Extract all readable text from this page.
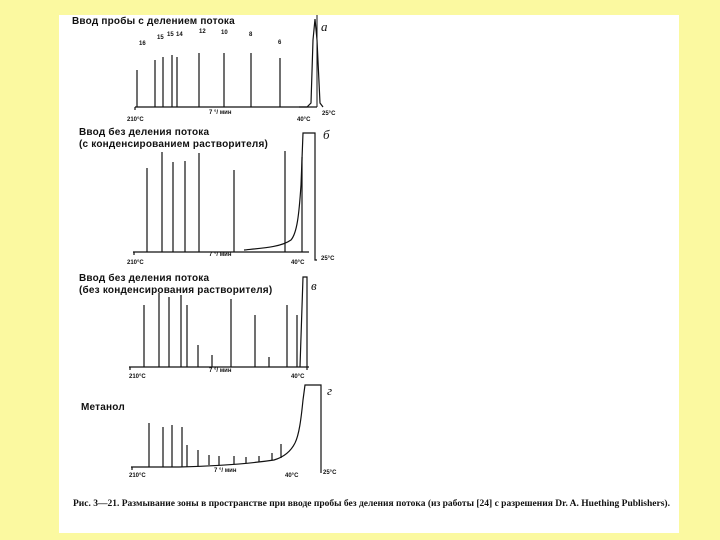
Ввод пробы с делением потока	а
16
15 15 14	12	10	8
6
210°C
7 °/ мин
40°C
25°C
Ввод без деления потока
(с конденсированием растворителя)
б
210°C
7 °/ мин
40°C
25°C
Ввод без деления потока
(без конденсирования растворителя)	в
210°C
7 °/ мин
40°C
Метанол
г
210°C
7 °/ мин
40°C	25°C
Рис. 3—21. Размывание зоны в пространстве при вводе пробы без деления потока (из работы [24] с разрешения Dr. A. Huething Publishers).
